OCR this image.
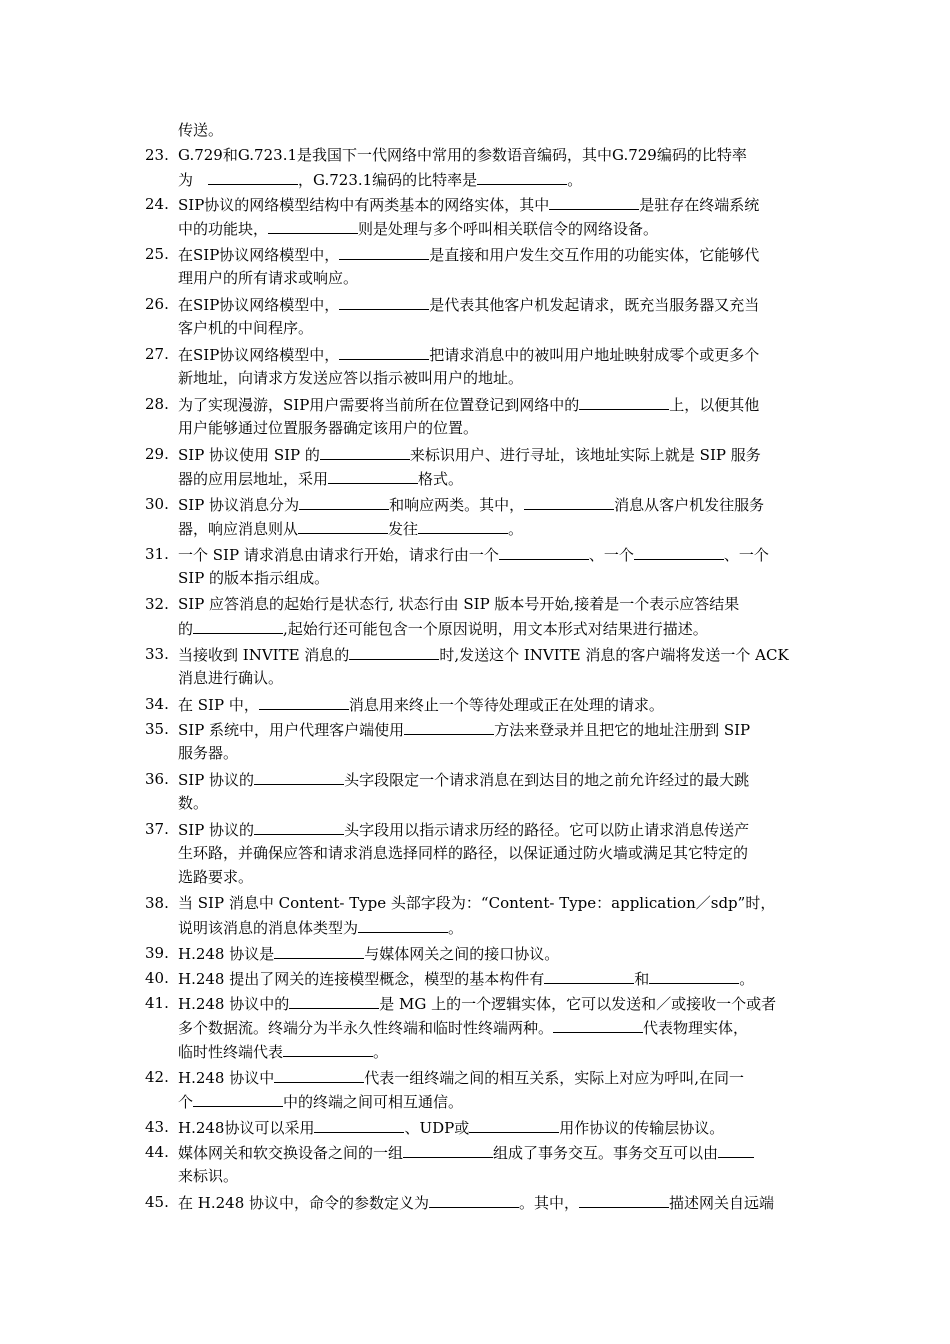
传送。
23. G.729和G.723.1是我国下一代网络中常用的参数语音编码，其中G.729编码的比特率
为　	，G.723.1编码的比特率是	。
24. SIP协议的网络模型结构中有两类基本的网络实体，其中	是驻存在终端系统
中的功能块，	则是处理与多个呼叫相关联信令的网络设备。
25. 在SIP协议网络模型中，	是直接和用户发生交互作用的功能实体，它能够代
理用户的所有请求或响应。
26. 在SIP协议网络模型中，	是代表其他客户机发起请求，既充当服务器又充当
客户机的中间程序。
27. 在SIP协议网络模型中，	把请求消息中的被叫用户地址映射成零个或更多个
新地址，向请求方发送应答以指示被叫用户的地址。
28. 为了实现漫游，SIP用户需要将当前所在位置登记到网络中的	上，以便其他
用户能够通过位置服务器确定该用户的位置。
29. SIP 协议使用 SIP 的	来标识用户、进行寻址，该地址实际上就是 SIP 服务
器的应用层地址，采用	格式。
30. SIP 协议消息分为	和响应两类。其中，	消息从客户机发往服务
器，响应消息则从	发往	。
31. 一个 SIP 请求消息由请求行开始，请求行由一个	、一个	、一个
SIP 的版本指示组成。
32. SIP 应答消息的起始行是状态行, 状态行由 SIP 版本号开始,接着是一个表示应答结果
的	,起始行还可能包含一个原因说明，用文本形式对结果进行描述。
33. 当接收到 INVITE 消息的	时,发送这个 INVITE 消息的客户端将发送一个 ACK
消息进行确认。
34. 在 SIP 中，	消息用来终止一个等待处理或正在处理的请求。
35. SIP 系统中，用户代理客户端使用	方法来登录并且把它的地址注册到 SIP
服务器。
36. SIP 协议的	头字段限定一个请求消息在到达目的地之前允许经过的最大跳
数。
37. SIP 协议的	头字段用以指示请求历经的路径。它可以防止请求消息传送产
生环路，并确保应答和请求消息选择同样的路径，以保证通过防火墙或满足其它特定的
选路要求。
38. 当 SIP 消息中 Content- Type 头部字段为：“Content- Type：application／sdp”时，
说明该消息的消息体类型为	。
39. H.248 协议是	与媒体网关之间的接口协议。
40. H.248 提出了网关的连接模型概念，模型的基本构件有	和	。
41. H.248 协议中的	是 MG 上的一个逻辑实体，它可以发送和／或接收一个或者
多个数据流。终端分为半永久性终端和临时性终端两种。	代表物理实体，
临时性终端代表	。
42. H.248 协议中	代表一组终端之间的相互关系，实际上对应为呼叫,在同一
个	中的终端之间可相互通信。
43. H.248协议可以采用	、UDP或	用作协议的传输层协议。
44. 媒体网关和软交换设备之间的一组	组成了事务交互。事务交互可以由
来标识。
45. 在 H.248 协议中，命令的参数定义为	。其中，	描述网关自远端
